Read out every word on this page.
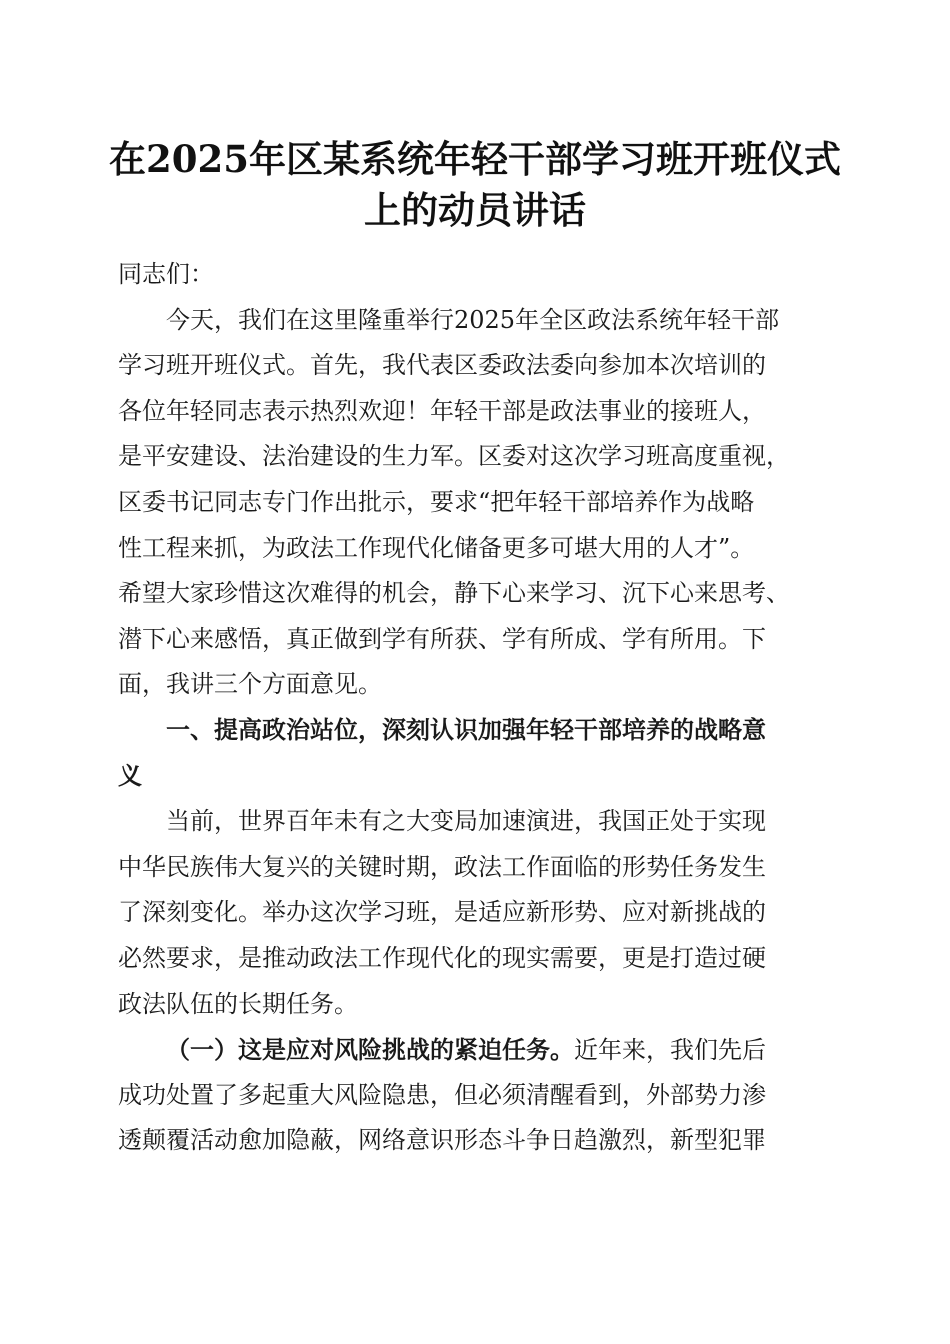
在2025年区某系统年轻干部学习班开班仪式
上的动员讲话
同志们：
今天，我们在这里隆重举行2025年全区政法系统年轻干部
学习班开班仪式。首先，我代表区委政法委向参加本次培训的
各位年轻同志表示热烈欢迎！年轻干部是政法事业的接班人，
是平安建设、法治建设的生力军。区委对这次学习班高度重视，
区委书记同志专门作出批示，要求“把年轻干部培养作为战略
性工程来抓，为政法工作现代化储备更多可堪大用的人才”。
希望大家珍惜这次难得的机会，静下心来学习、沉下心来思考、
潜下心来感悟，真正做到学有所获、学有所成、学有所用。下
面，我讲三个方面意见。
一、提高政治站位，深刻认识加强年轻干部培养的战略意
义
当前，世界百年未有之大变局加速演进，我国正处于实现
中华民族伟大复兴的关键时期，政法工作面临的形势任务发生
了深刻变化。举办这次学习班，是适应新形势、应对新挑战的
必然要求，是推动政法工作现代化的现实需要，更是打造过硬
政法队伍的长期任务。
（一）这是应对风险挑战的紧迫任务。近年来，我们先后
成功处置了多起重大风险隐患，但必须清醒看到，外部势力渗
透颠覆活动愈加隐蔽，网络意识形态斗争日趋激烈，新型犯罪
